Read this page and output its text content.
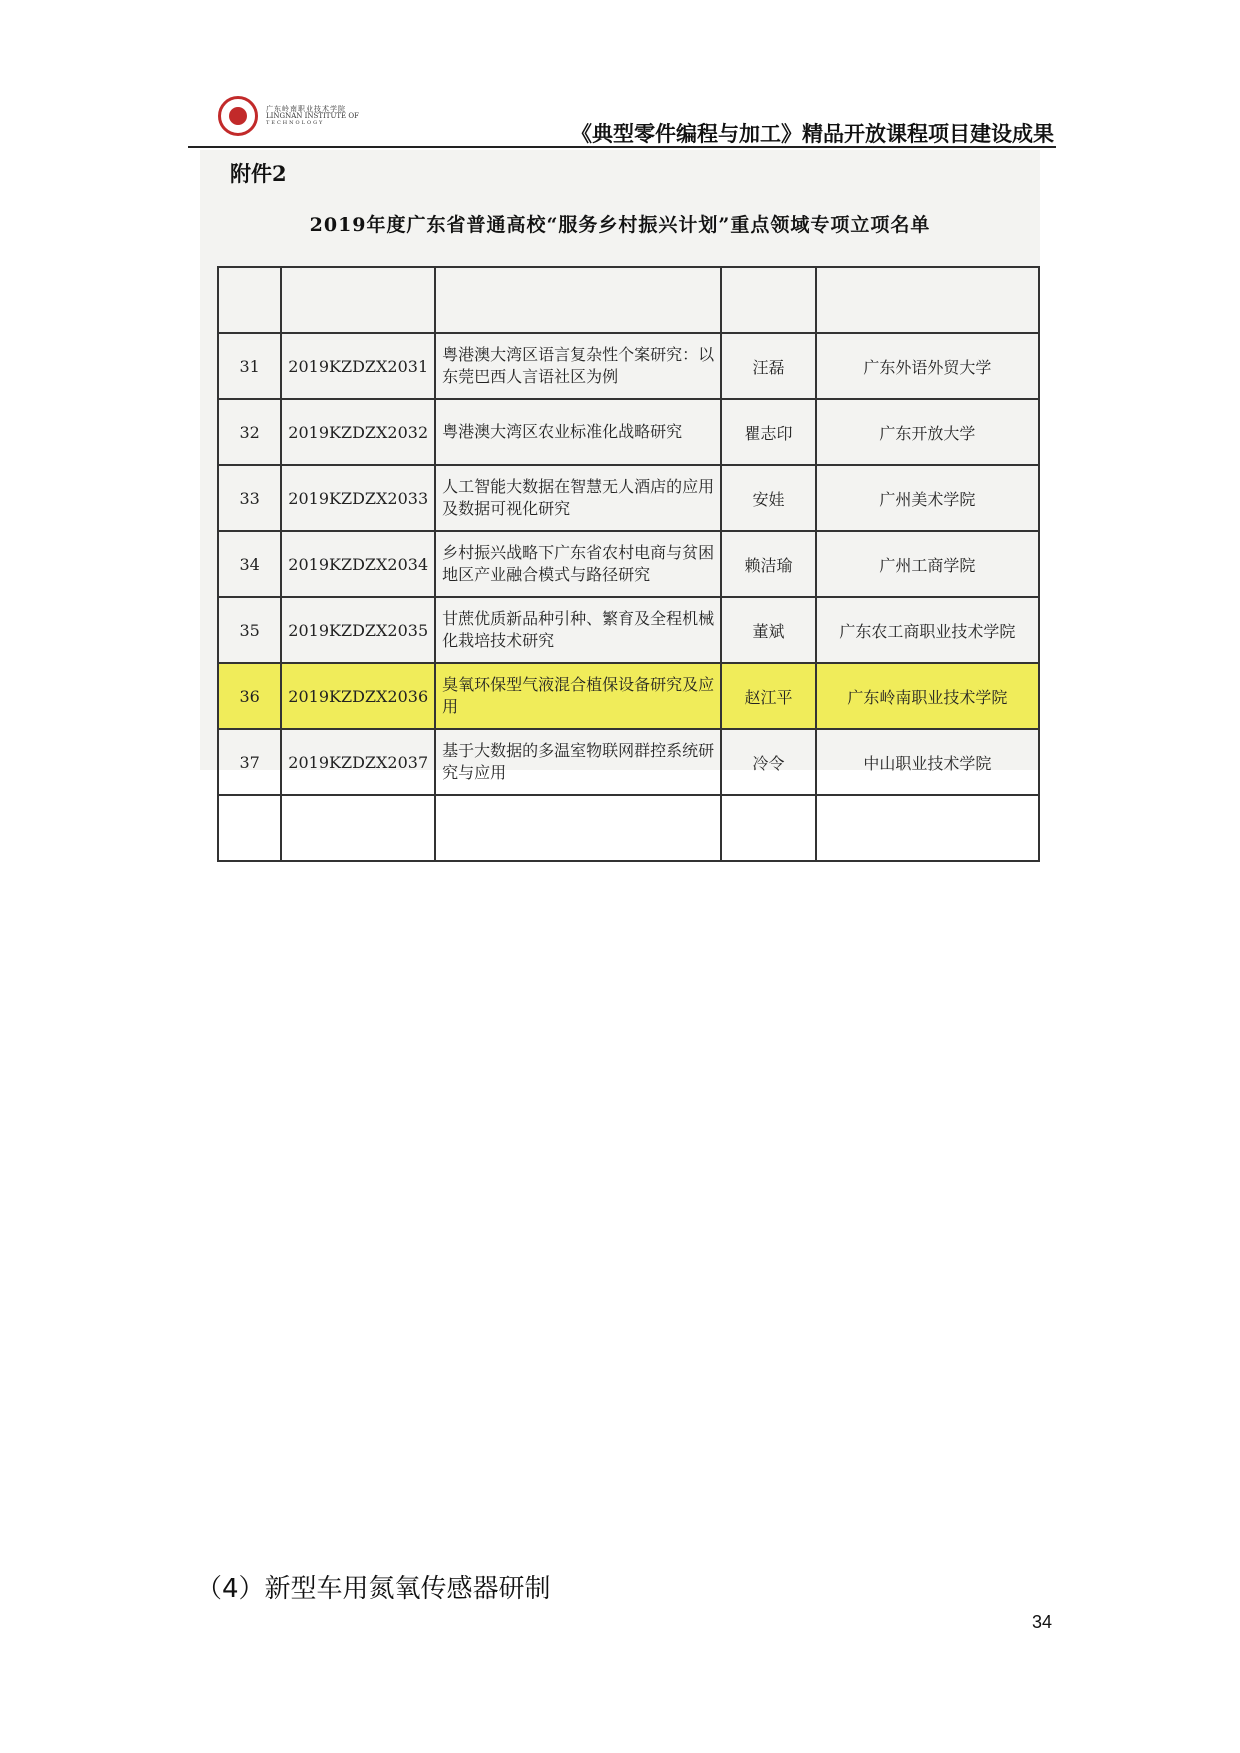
广东岭南职业技术学院
LINGNAN INSTITUTE OF
TECHNOLOGY	《典型零件编程与加工》精品开放课程项目建设成果
附件2
2019年度广东省普通高校“服务乡村振兴计划”重点领域专项立项名单

31	2019KZDZX2031	粤港澳大湾区语言复杂性个案研究：以东莞巴西人言语社区为例	汪磊	广东外语外贸大学
32	2019KZDZX2032	粤港澳大湾区农业标准化战略研究	瞿志印	广东开放大学
33	2019KZDZX2033	人工智能大数据在智慧无人酒店的应用及数据可视化研究	安娃	广州美术学院
34	2019KZDZX2034	乡村振兴战略下广东省农村电商与贫困地区产业融合模式与路径研究	赖洁瑜	广州工商学院
35	2019KZDZX2035	甘蔗优质新品种引种、繁育及全程机械化栽培技术研究	董斌	广东农工商职业技术学院
36	2019KZDZX2036	臭氧环保型气液混合植保设备研究及应用	赵江平	广东岭南职业技术学院
37	2019KZDZX2037	基于大数据的多温室物联网群控系统研究与应用	冷令	中山职业技术学院

（4）新型车用氮氧传感器研制
34
